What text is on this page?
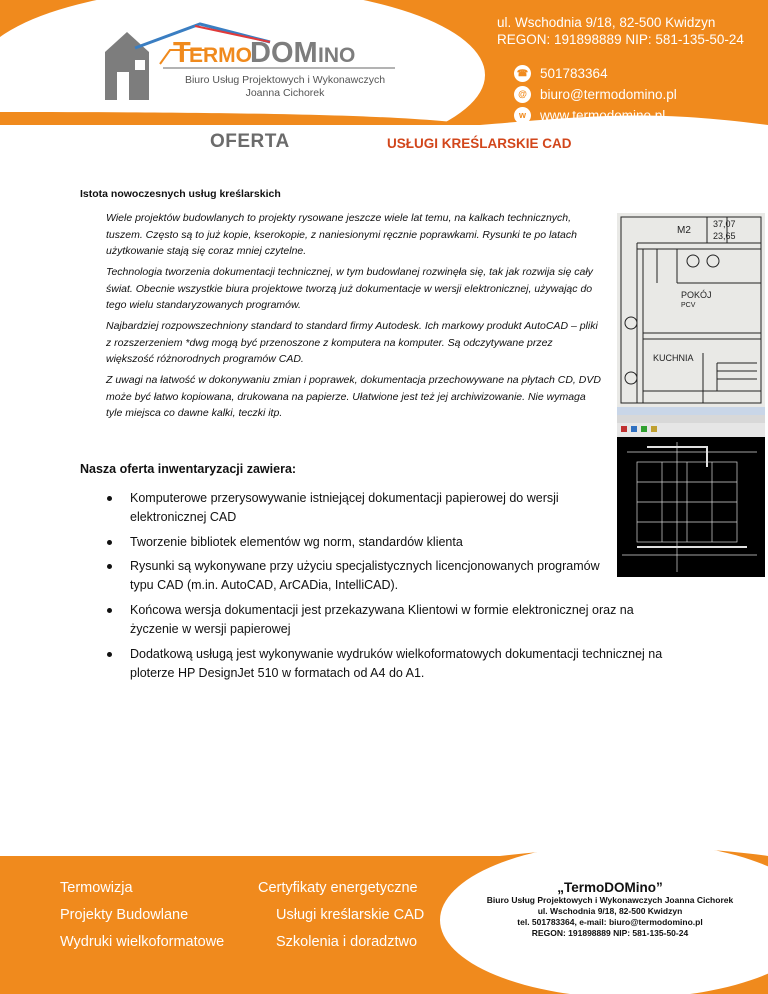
T
ERMO
DOM INO
Biuro Usług Projektowych i Wykonawczych
Joanna Cichorek
ul. Wschodnia 9/18, 82-500 Kwidzyn
REGON: 191898889 NIP: 581-135-50-24
☎ 501783364
@ biuro@termodomino.pl
w	www.termodomino.pl
OFERTA	USŁUGI KREŚLARSKIE CAD
Istota nowoczesnych usług kreślarskich
Wiele projektów budowlanych to projekty rysowane jeszcze wiele lat temu, na kalkach technicznych, tuszem. Często są to już kopie, kserokopie, z naniesionymi ręcznie poprawkami. Rysunki te po latach użytkowanie stają się coraz mniej czytelne.
Technologia tworzenia dokumentacji technicznej, w tym budowlanej rozwinęła się, tak jak rozwija się cały świat. Obecnie wszystkie biura projektowe tworzą już dokumentacje w wersji elektronicznej, używając do tego wielu standaryzowanych programów.
Najbardziej rozpowszechniony standard to standard firmy Autodesk. Ich markowy produkt AutoCAD – pliki z rozszerzeniem *dwg mogą być przenoszone z komputera na komputer. Są odczytywane przez większość różnorodnych programów CAD.
Z uwagi na łatwość w dokonywaniu zmian i poprawek, dokumentacja przechowywane na płytach CD, DVD może być łatwo kopiowana, drukowana na papierze. Ułatwione jest też jej archiwizowanie. Nie wymaga tyle miejsca co dawne kalki, teczki itp.
M2
37,07
23,65
POKÓJ
PCV
KUCHNIA
Nasza oferta inwentaryzacji zawiera:
Komputerowe przerysowywanie istniejącej dokumentacji papierowej do wersji elektronicznej CAD
Tworzenie bibliotek elementów wg norm, standardów klienta
Rysunki są wykonywane przy użyciu specjalistycznych licencjonowanych programów typu CAD (m.in. AutoCAD, ArCADia, IntelliCAD).
Końcowa wersja dokumentacji jest przekazywana Klientowi w formie elektronicznej oraz na życzenie w wersji papierowej
Dodatkową usługą jest wykonywanie wydruków wielkoformatowych dokumentacji technicznej na ploterze HP DesignJet 510 w formatach od A4 do A1.
Termowizja
Projekty Budowlane
Wydruki wielkoformatowe
Certyfikaty energetyczne
Usługi kreślarskie CAD
Szkolenia i doradztwo
„TermoDOMino”
Biuro Usług Projektowych i Wykonawczych Joanna Cichorek
ul. Wschodnia 9/18, 82-500 Kwidzyn
tel. 501783364, e-mail: biuro@termodomino.pl
REGON: 191898889 NIP: 581-135-50-24
